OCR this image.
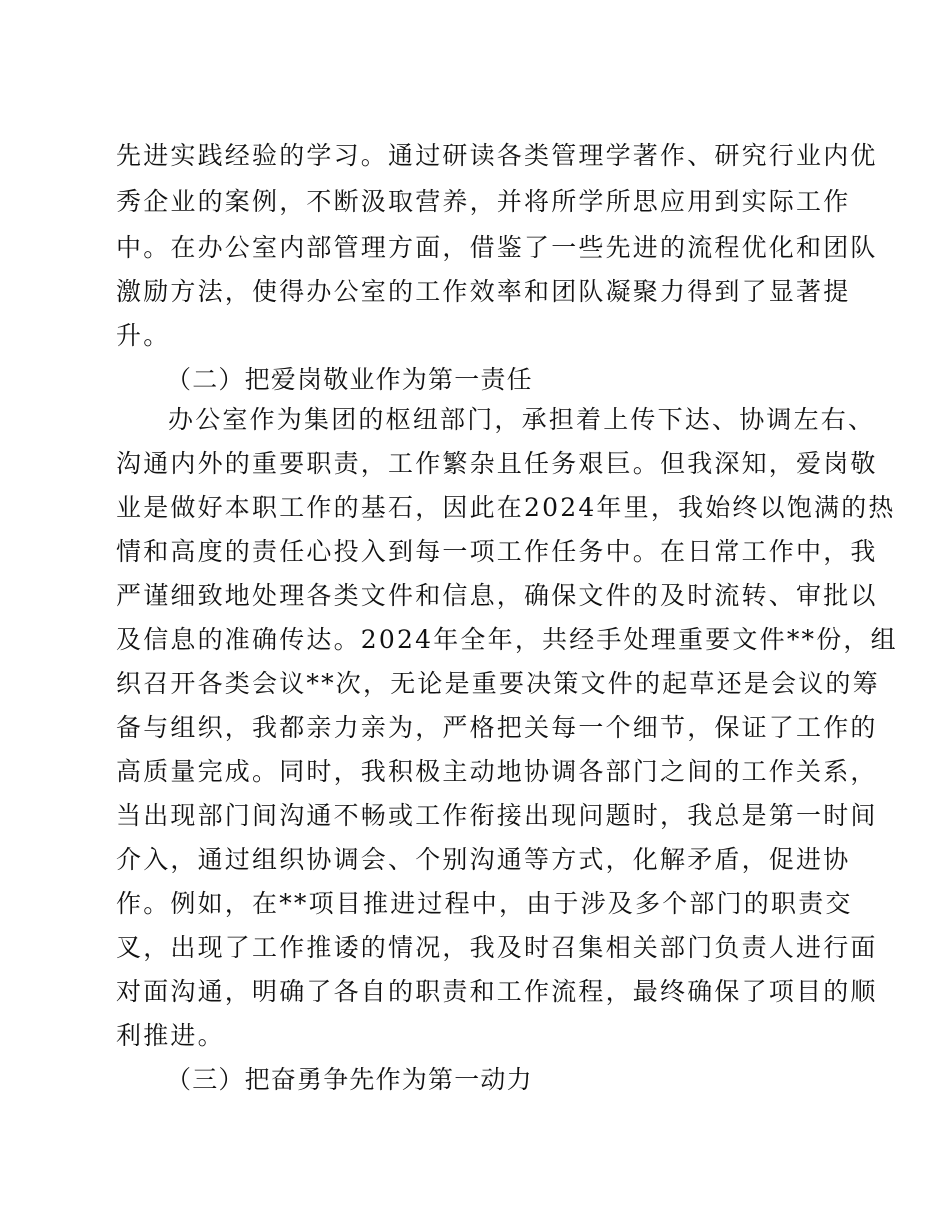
先进实践经验的学习。通过研读各类管理学著作、研究行业内优

秀企业的案例，不断汲取营养，并将所学所思应用到实际工作

中。在办公室内部管理方面，借鉴了一些先进的流程优化和团队

激励方法，使得办公室的工作效率和团队凝聚力得到了显著提

升。

（二）把爱岗敬业作为第一责任

办公室作为集团的枢纽部门，承担着上传下达、协调左右、

沟通内外的重要职责，工作繁杂且任务艰巨。但我深知，爱岗敬

业是做好本职工作的基石，因此在2024年里，我始终以饱满的热

情和高度的责任心投入到每一项工作任务中。在日常工作中，我

严谨细致地处理各类文件和信息，确保文件的及时流转、审批以

及信息的准确传达。2024年全年，共经手处理重要文件**份，组

织召开各类会议**次，无论是重要决策文件的起草还是会议的筹

备与组织，我都亲力亲为，严格把关每一个细节，保证了工作的

高质量完成。同时，我积极主动地协调各部门之间的工作关系，

当出现部门间沟通不畅或工作衔接出现问题时，我总是第一时间

介入，通过组织协调会、个别沟通等方式，化解矛盾，促进协

作。例如，在**项目推进过程中，由于涉及多个部门的职责交

叉，出现了工作推诿的情况，我及时召集相关部门负责人进行面

对面沟通，明确了各自的职责和工作流程，最终确保了项目的顺

利推进。

（三）把奋勇争先作为第一动力
